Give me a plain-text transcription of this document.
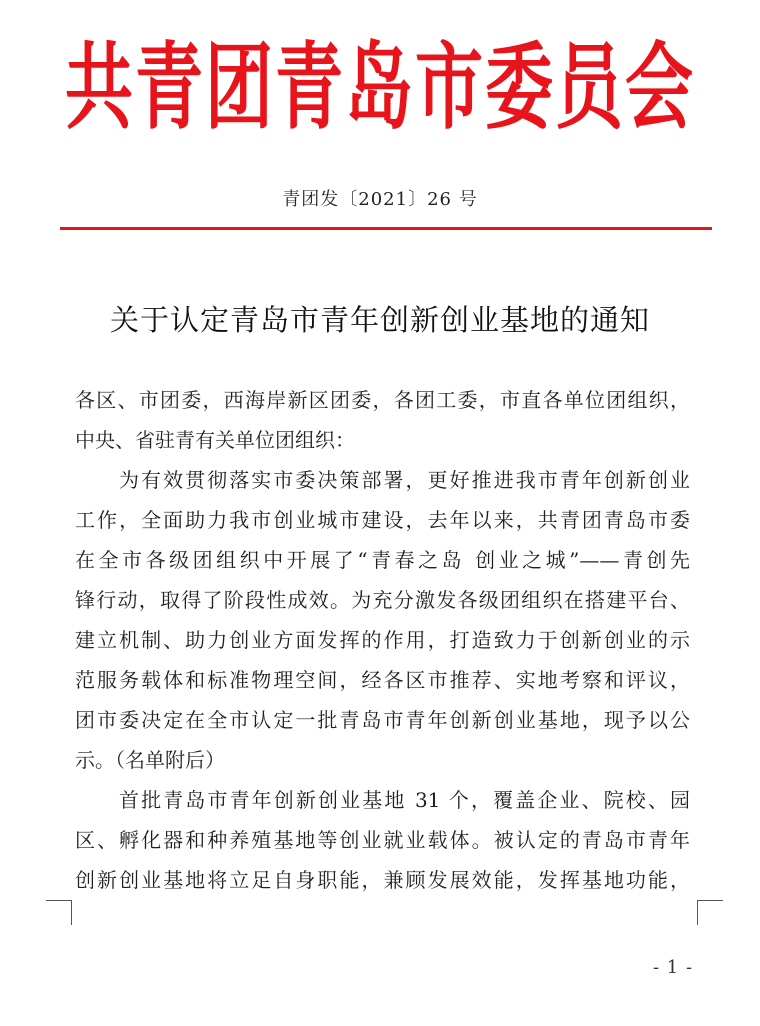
共青团青岛市委员会
青团发〔2021〕26 号
关于认定青岛市青年创新创业基地的通知
各区、市团委，西海岸新区团委，各团工委，市直各单位团组织，
中央、省驻青有关单位团组织：
为有效贯彻落实市委决策部署，更好推进我市青年创新创业
工作，全面助力我市创业城市建设，去年以来，共青团青岛市委
在全市各级团组织中开展了“青春之岛 创业之城”——青创先
锋行动，取得了阶段性成效。为充分激发各级团组织在搭建平台、
建立机制、助力创业方面发挥的作用，打造致力于创新创业的示
范服务载体和标准物理空间，经各区市推荐、实地考察和评议，
团市委决定在全市认定一批青岛市青年创新创业基地，现予以公
示。（名单附后）
首批青岛市青年创新创业基地 31 个，覆盖企业、院校、园
区、孵化器和种养殖基地等创业就业载体。被认定的青岛市青年
创新创业基地将立足自身职能，兼顾发展效能，发挥基地功能，
- 1 -
